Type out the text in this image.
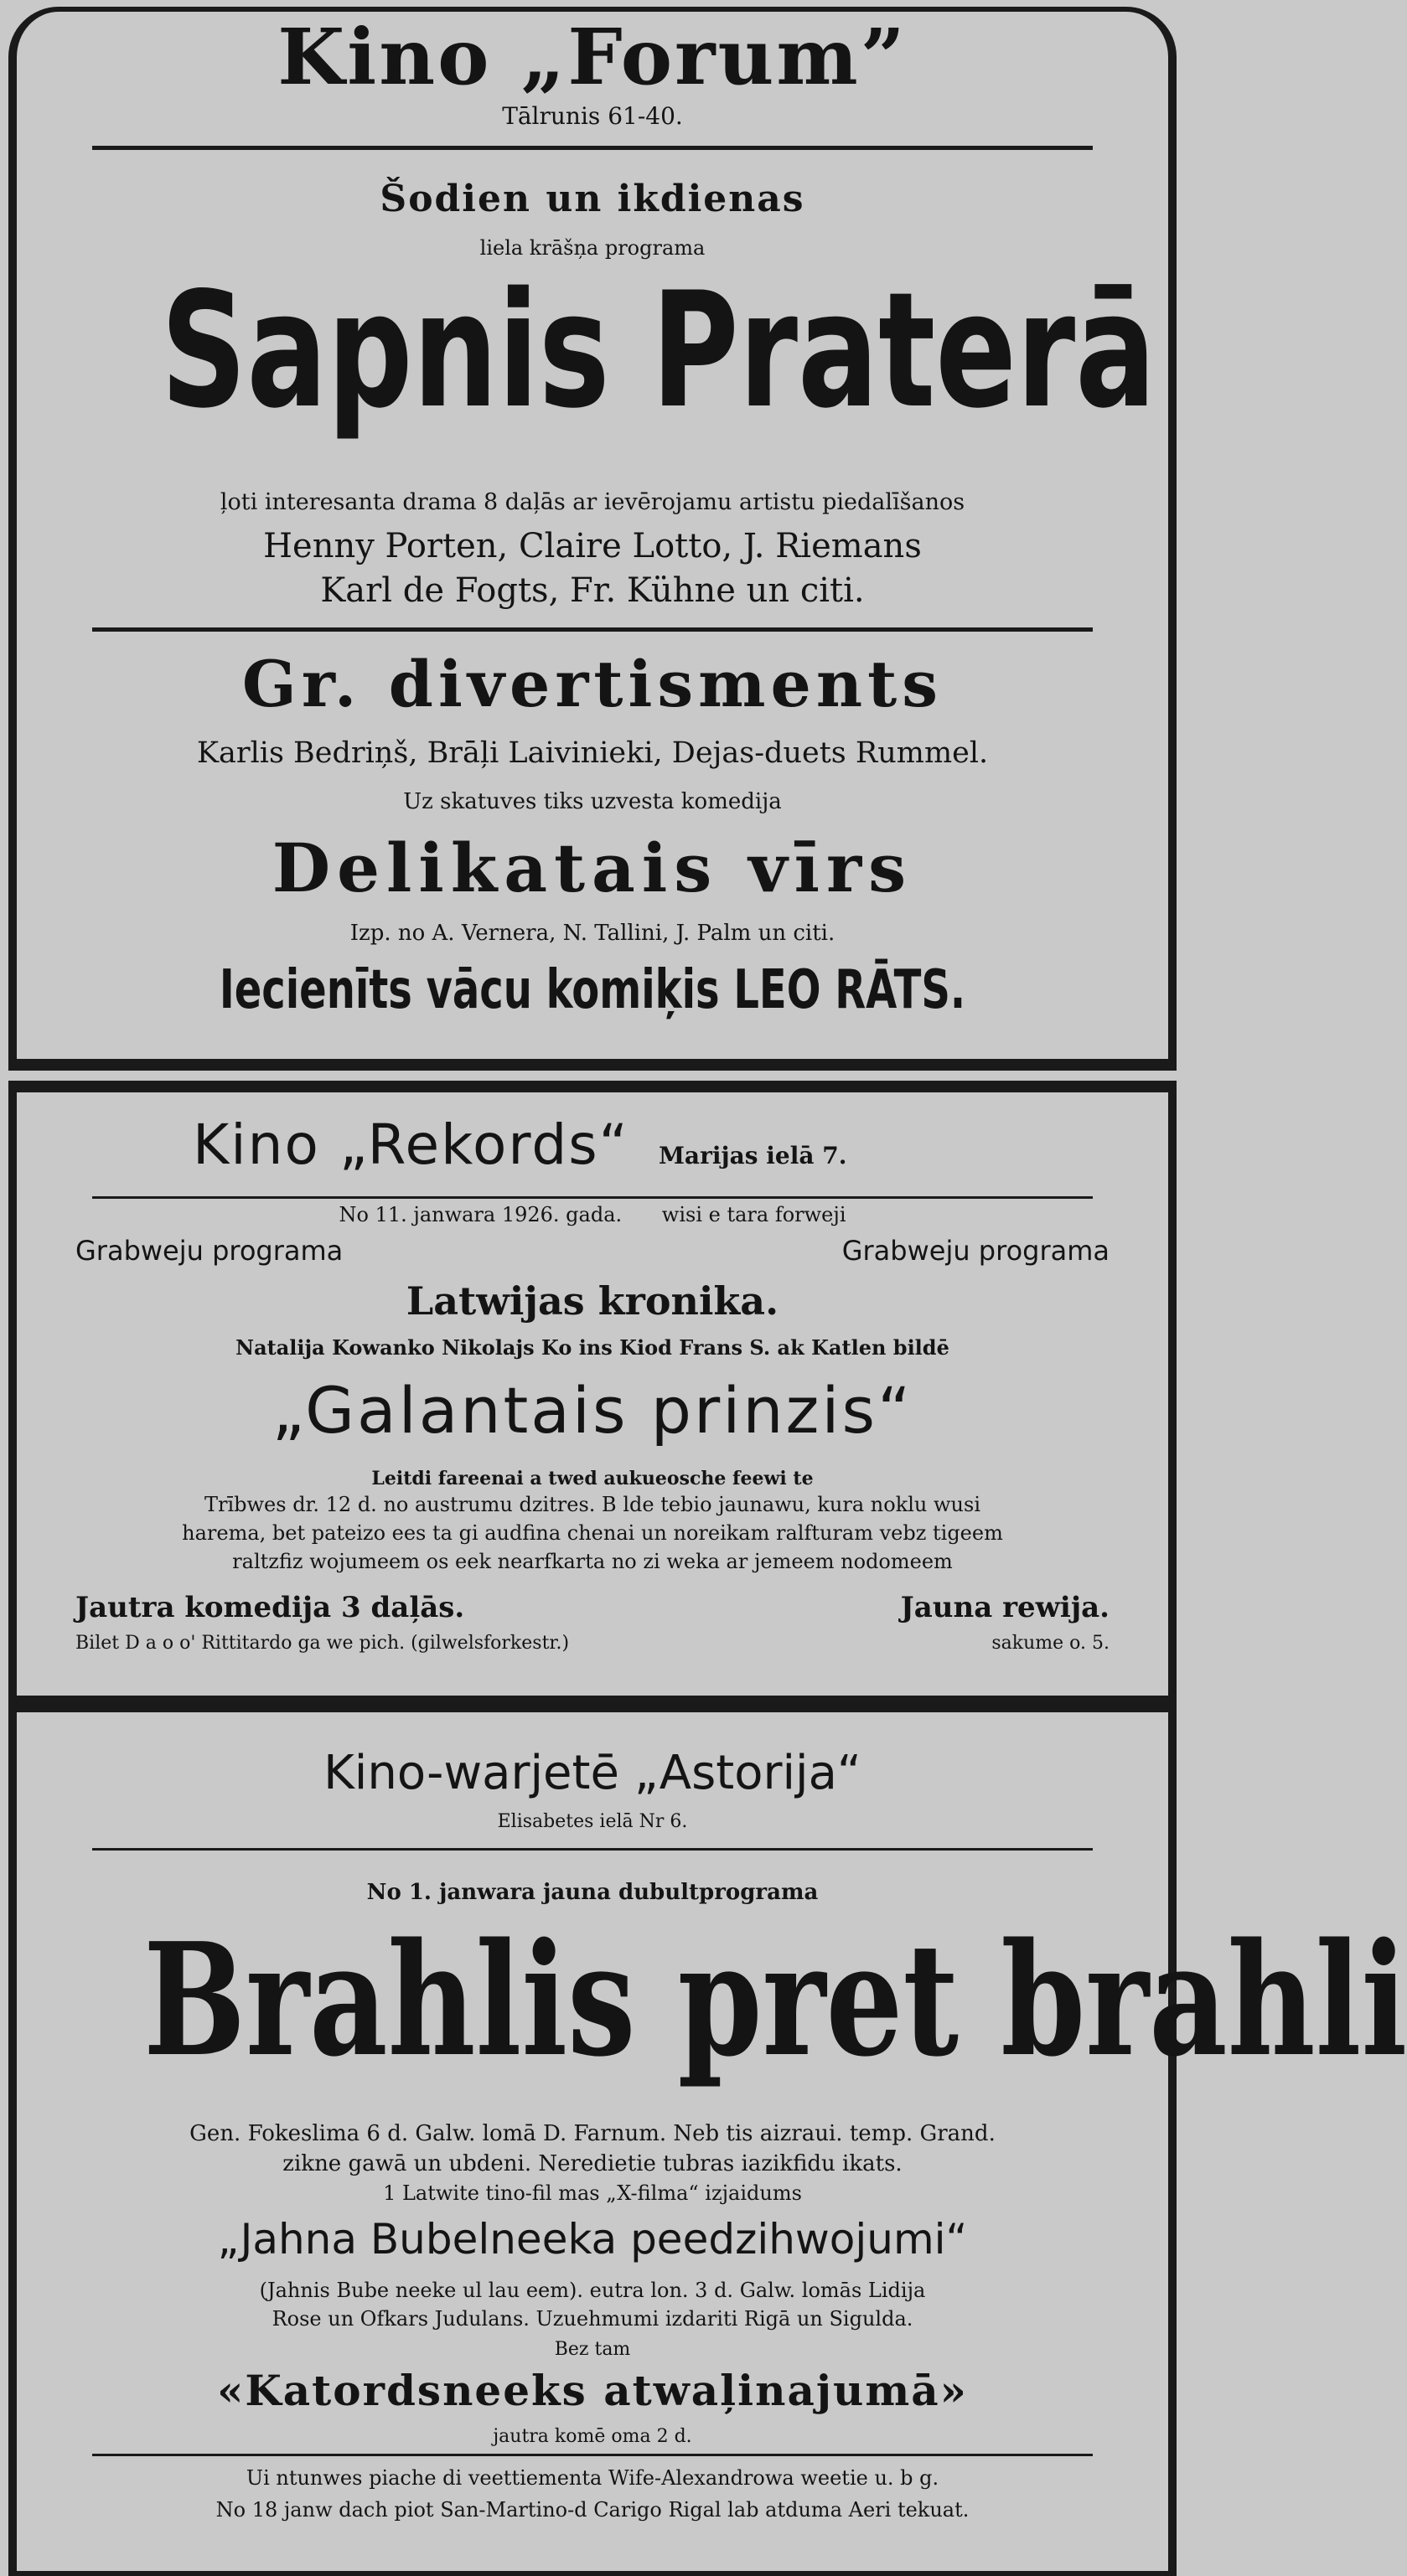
Kino „Forum”
Tālrunis 61-40.
Šodien un ikdienas
liela krāšņa programa
Sapnis Praterā
ļoti interesanta drama 8 daļās ar ievērojamu artistu piedalīšanos
Henny Porten, Claire Lotto, J. Riemans
Karl de Fogts, Fr. Kühne un citi.
Gr. divertisments
Karlis Bedriņš, Brāļi Laivinieki, Dejas-duets Rummel.
Uz skatuves tiks uzvesta komedija
Delikatais vīrs
Izp. no A. Vernera, N. Tallini, J. Palm un citi.
Iecienīts vācu komiķis LEO RĀTS.
Kino „Rekords“ Marijas ielā 7.
No 11. janwara 1926. gada. wisi e tara forweji
Grabweju programa	Grabweju programa
Latwijas kronika.
Natalija Kowanko Nikolajs Ko ins Kiod Frans S. ak Katlen bildē
„Galantais prinzis“
Leitdi fareenai a twed aukueosche feewi te
Trībwes dr. 12 d. no austrumu dzitres. B lde tebio jaunawu, kura noklu wusi
harema, bet pateizo ees ta gi audfina chenai un noreikam ralfturam vebz tigeem
raltzfiz wojumeem os eek nearfkarta no zi weka ar jemeem nodomeem
Jautra komedija 3 daļās.	Jauna rewija.
Bilet D a o o' Rittitardo ga we pich. (gilwelsforkestr.)	sakume o. 5.
Kino-warjetē „Astorija“
Elisabetes ielā Nr 6.
No 1. janwara jauna dubultprograma
Brahlis pret brahli
Gen. Fokeslima 6 d. Galw. lomā D. Farnum. Neb tis aizraui. temp. Grand.
zikne gawā un ubdeni. Neredietie tubras iazikfidu ikats.
1 Latwite tino-fil mas „X-filma“ izjaidums
„Jahna Bubelneeka peedzihwojumi“
(Jahnis Bube neeke ul lau eem). eutra lon. 3 d. Galw. lomās Lidija
Rose un Ofkars Judulans. Uzuehmumi izdariti Rigā un Sigulda.
Bez tam
«Katordsneeks atwaļinajumā»
jautra komē oma 2 d.
Ui ntunwes piache di veettiementa Wife-Alexandrowa weetie u. b g.
No 18 janw dach piot San-Martino-d Carigo Rigal lab atduma Aeri tekuat.
